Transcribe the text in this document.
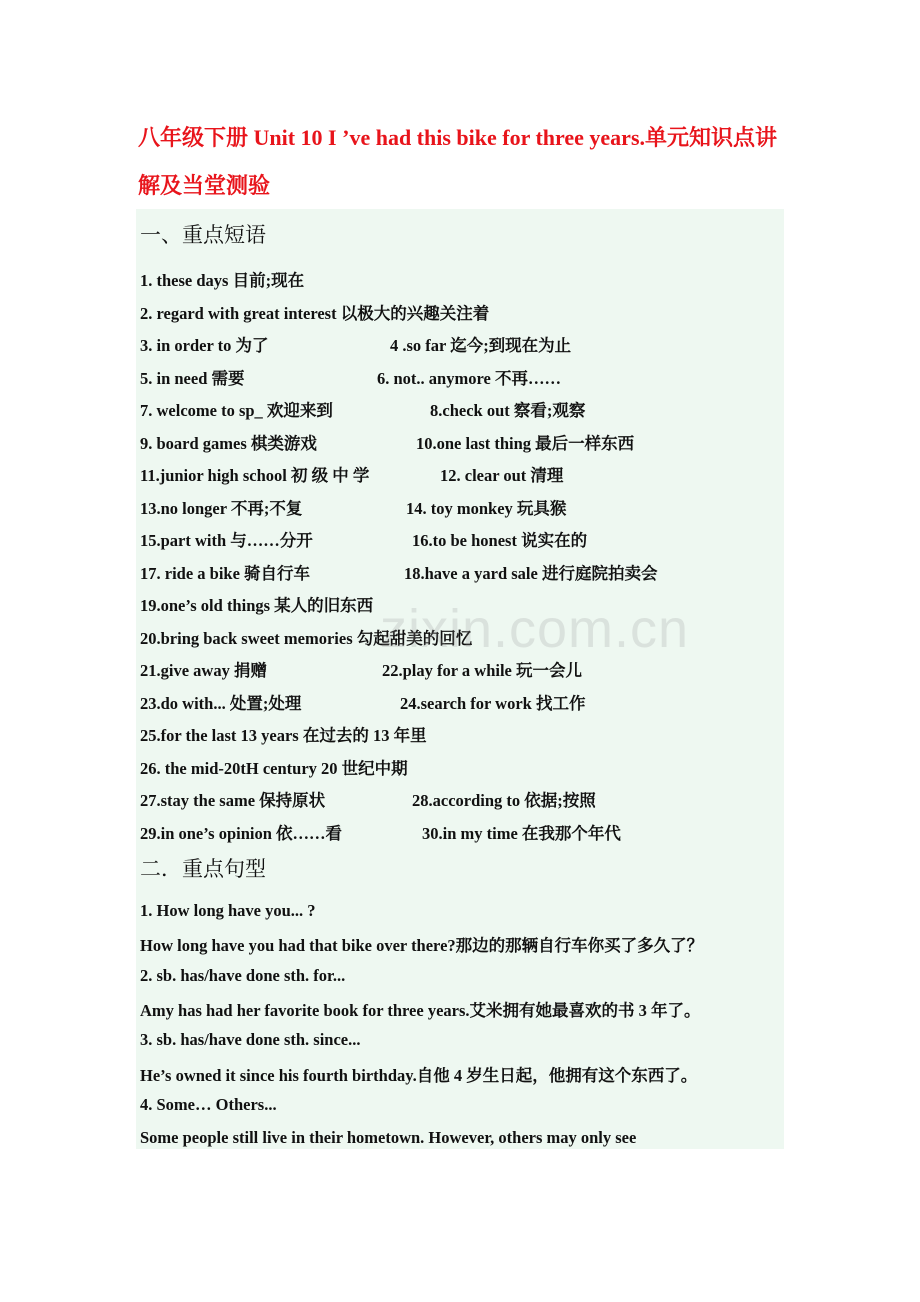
八年级下册 Unit 10 I ’ve had this bike for three years.单元知识点讲解及当堂测验
一、重点短语
1. these days 目前;现在
2. regard with great interest 以极大的兴趣关注着
3. in order to 为了	4 .so far 迄今;到现在为止
5. in need 需要	6. not.. anymore 不再……
7. welcome to sp_ 欢迎来到	8.check out 察看;观察
9. board games 棋类游戏	10.one last thing 最后一样东西
11.junior high school 初 级 中 学	12. clear out 清理
13.no longer 不再;不复	14. toy monkey 玩具猴
15.part with 与……分开	16.to be honest 说实在的
17. ride a bike 骑自行车	18.have a yard sale 进行庭院拍卖会
19.one’s old things 某人的旧东西
20.bring back sweet memories 勾起甜美的回忆
21.give away 捐赠	22.play for a while 玩一会儿
23.do with... 处置;处理	24.search for work 找工作
25.for the last 13 years 在过去的 13 年里
26. the mid-20tH century 20 世纪中期
27.stay the same 保持原状	28.according to 依据;按照
29.in one’s opinion 依……看	30.in my time 在我那个年代
二．重点句型
1. How long have you... ?
How long have you had that bike over there?那边的那辆自行车你买了多久了？
2. sb. has/have done sth. for...
Amy has had her favorite book for three years.艾米拥有她最喜欢的书 3 年了。
3. sb. has/have done sth. since...
He’s owned it since his fourth birthday.自他 4 岁生日起，他拥有这个东西了。
4. Some… Others...
Some people still live in their hometown. However, others may only see
zixin.com.cn
